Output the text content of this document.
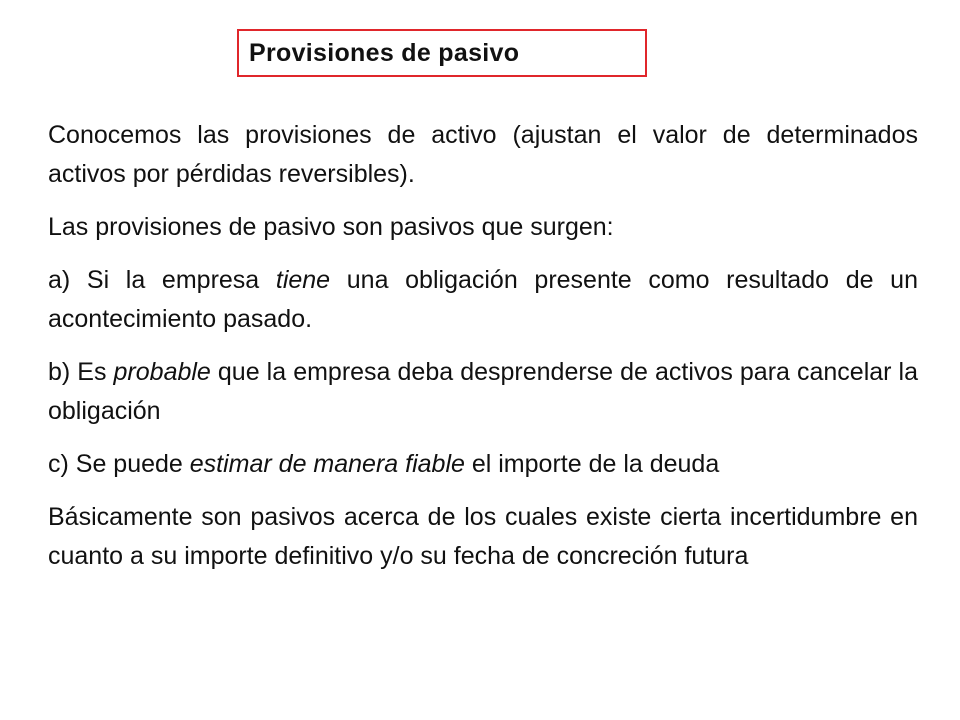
Provisiones de pasivo

Conocemos las provisiones de activo (ajustan el valor de determinados activos por pérdidas reversibles).

Las provisiones de pasivo son pasivos que surgen:

a) Si la empresa tiene una obligación presente como resultado de un acontecimiento pasado.

b) Es probable que la empresa deba desprenderse de activos para cancelar la obligación

c) Se puede estimar de manera fiable el importe de la deuda

Básicamente son pasivos acerca de los cuales existe cierta incertidumbre en cuanto a su importe definitivo y/o su fecha de concreción futura
